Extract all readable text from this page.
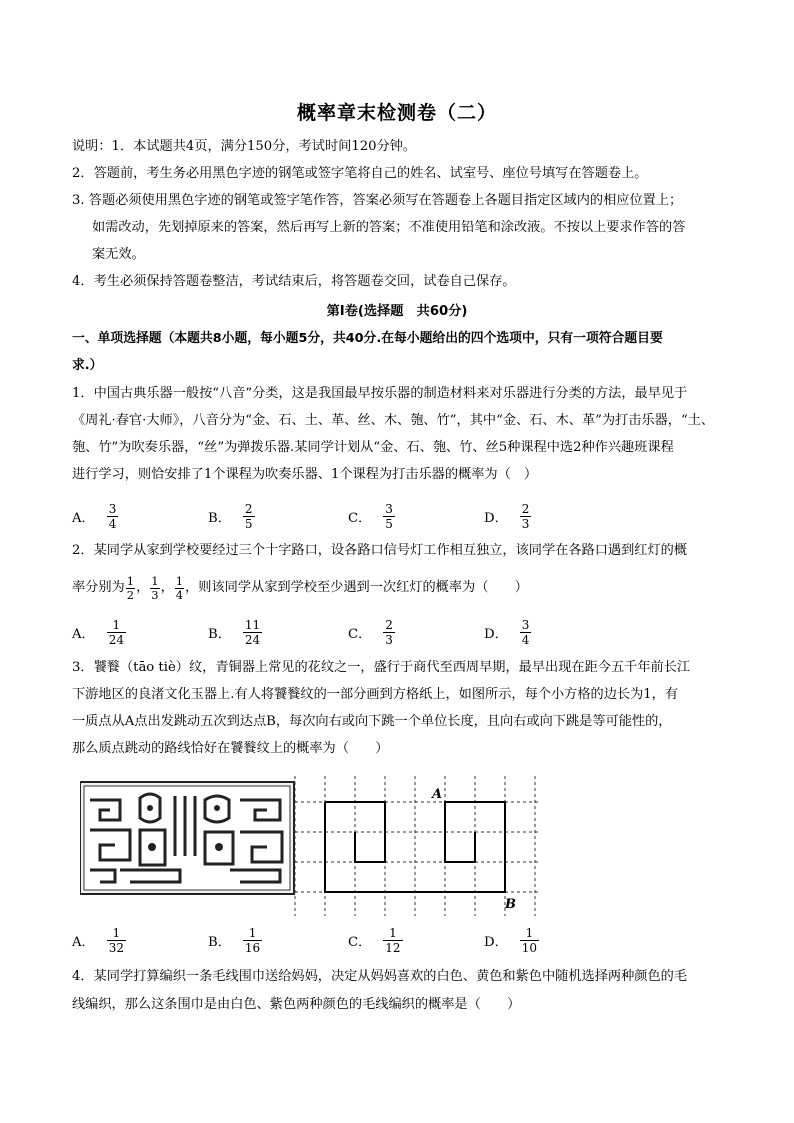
概率章末检测卷（二）
说明：1．本试题共4页，满分150分，考试时间120分钟。
2．答题前，考生务必用黑色字迹的钢笔或签字笔将自己的姓名、试室号、座位号填写在答题卷上。
3. 答题必须使用黑色字迹的钢笔或签字笔作答，答案必须写在答题卷上各题目指定区域内的相应位置上；
如需改动，先划掉原来的答案，然后再写上新的答案；不准使用铅笔和涂改液。不按以上要求作答的答
案无效。
4．考生必须保持答题卷整洁，考试结束后，将答题卷交回，试卷自己保存。
第Ⅰ卷(选择题　共60分)
一、单项选择题（本题共8小题，每小题5分，共40分.在每小题给出的四个选项中，只有一项符合题目要
求.）
1．中国古典乐器一般按“八音”分类，这是我国最早按乐器的制造材料来对乐器进行分类的方法，最早见于
《周礼·春官·大师》，八音分为“金、石、土、革、丝、木、匏、竹”，其中“金、石、木、革”为打击乐器，“土、
匏、竹”为吹奏乐器，“丝”为弹拨乐器.某同学计划从“金、石、匏、竹、丝5种课程中选2种作兴趣班课程
进行学习，则恰安排了1个课程为吹奏乐器、1个课程为打击乐器的概率为（　）
A． $\frac{3}{4}$	B． $\frac{2}{5}$	C． $\frac{3}{5}$	D． $\frac{2}{3}$
2．某同学从家到学校要经过三个十字路口，设各路口信号灯工作相互独立，该同学在各路口遇到红灯的概
率分别为 $\frac{1}{2}$ ， $\frac{1}{3}$ ， $\frac{1}{4}$ ，则该同学从家到学校至少遇到一次红灯的概率为（　　）
A． $\frac{1}{24}$	B． $\frac{11}{24}$	C． $\frac{2}{3}$	D． $\frac{3}{4}$
3．饕餮（tāo tiè）纹，青铜器上常见的花纹之一，盛行于商代至西周早期，最早出现在距今五千年前长江
下游地区的良渚文化玉器上.有人将饕餮纹的一部分画到方格纸上，如图所示，每个小方格的边长为1，有
一质点从A点出发跳动五次到达点B，每次向右或向下跳一个单位长度，且向右或向下跳是等可能性的，
那么质点跳动的路线恰好在饕餮纹上的概率为（　　）
A
B
A． $\frac{1}{32}$	B． $\frac{1}{16}$	C． $\frac{1}{12}$	D． $\frac{1}{10}$
4．某同学打算编织一条毛线围巾送给妈妈，决定从妈妈喜欢的白色、黄色和紫色中随机选择两种颜色的毛
线编织，那么这条围巾是由白色、紫色两种颜色的毛线编织的概率是（　　）
